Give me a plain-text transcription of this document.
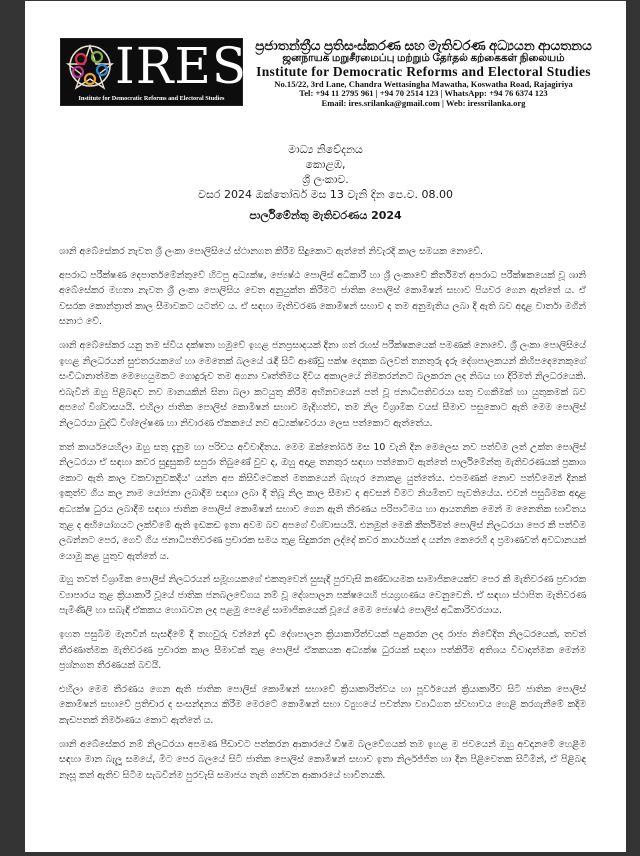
IRES
Institute for Democratic Reforms and Electoral Studies
ප්‍රජාතන්ත්‍රීය ප්‍රතිසංස්කරණ සහ මැතිවරණ අධ්‍යයන ආයතනය
ஜனநாயக மறுசீரமைப்பு மற்றும் தேர்தல் கற்கைகள் நிலையம்
Institute for Democratic Reforms and Electoral Studies
No.15/22, 3rd Lane, Chandra Wettasingha Mawatha, Koswatha Road, Rajagiriya
Tel: +94 11 2795 961 | +94 70 2514 123 | WhatsApp: +94 76 6374 123
Email: ires.srilanka@gmail.com | Web: iressrilanka.org
මාධ්‍ය නිවේදනය
කොළඹ,
ශ්‍රී ලංකාව.
වසර 2024 ඔක්තෝබර් මස 13 වැනි දින පෙ.ව. 08.00
පාර්ලිමේන්තු මැතිවරණය 2024

ශානි අබේසේකර නැවත ශ්‍රී ලංකා පොලිසියේ ස්ථානගත කිරීම සිදුකොට ඇත්තේ නිවැරදි කාල සමයක නොවේ.

අපරාධ පරීක්ෂණ දෙපාර්තමේන්තුවේ හිටපු අධ්‍යක්ෂ, ජ්‍යෙෂ්ඨ පොලිස් අධිකාරී හා ශ්‍රී ලංකාවේ කීර්තිමත් අපරාධ පරීක්ෂකයෙක් වූ ශානි අබේසේකර මහතා නැවත ශ්‍රී ලංකා පොලිසිය වෙත අනුයුක්ත කිරීමට ජාතික පොලිස් කොමිෂන් සභාව පියවර ගෙන ඇත්තේ ය. ඒ වසරක කොන්ත්‍රාත් කාල සීමාවකට යටත්ව ය. ඒ සඳහා මැතිවරණ කොමිෂන් සභාව ද තම අනුමැතිය ලබා දී ඇති බව අදාළ වාර්තා මගින් සනාථ වේ.

ශානි අබේසේකර යනු තම ස්වීය දක්ෂතා හමුවේ ඉහළ ජනප්‍රසාදයක් දිනා ගත් රහස් පරීක්ෂකයෙක් පමණක් නොවේ. ශ්‍රී ලංකා පොලිසියේ ඉහළ නිලධරයන් සුළුතරයකගේ හා මෙතෙක් බලයේ රැඳී සිටි ආණ්ඩු පක්ෂ දෙකක බලවත් තනතුරු දැරූ දේශපාලකයන් කිහිපදෙනෙකුගේ සංවිධානාත්මක මෙහෙයුමකට ගොදුරුව තම අගනා වෘත්තීමය දිවිය අකාලයේ නිමකරන්නට බලකරන ලද නිබය හා දිරිමත් නිලධරයෙකි. එබැවින් ඔහු පිළිබඳව නව මානයකින් සිතා බලා කටයුතු කිරීම අභිනවයෙන් පත් වූ ජනාධිපතිවරයා සතු වගකීමක් හා යුතුකමක් බව අපගේ විශ්වාසයයි. එහිලා ජාතික පොලිස් කොමිෂන් සභාව මැදිහත්ව, තම නිල විශ්‍රාමික වයස් සීමාව පසුකොට ඇති මෙම පොලිස් නිලධරයා බුද්ධි විශ්ලේෂණ හා නිවාරණ ඒකකයේ නව අධ්‍යක්ෂවරයා ලෙස පත්කොට ඇත්තේය.

තත් කාර්යයෙහිලා ඔහු සතු දැනුම හා පරිචය අවිවාදිතය. මෙම ඔක්තෝබර් මස 10 වැනි දින මෙලෙස නව පත්වීම ලත් උක්ත පොලිස් නිලධරයා ඒ සඳහා කවර සුදුසුකම් සපුරා තිබුණේ වුව ද, ඔහු අදාළ තනතුර සඳහා පත්කොට ඇත්තේ පාර්ලිමේන්තු මැතිවරණයක් ප්‍රකාශ කොට ඇති කාල වකවානුවකදීය' යන්න අප කිසිවිටෙකත් මතකයෙන් බැහැර නොකළ යුත්තේය. එපමණක් නොව පත්වීමෙන් දිනක් ඉකුත්ව ගිය කල නාම යෝජනා ලබාදීම සඳහා ලබා දී තිබූ නිල කාල සීමාව ද අවසන් වීමට නියමිතව පැවතියේය. එවන් පසුබිමක අදාළ අධ්‍යක්ෂ ධුරය ලබාදීම සඳහා ජාතික පොලිස් කොමිෂන් සභාව ගෙන ඇති තීරණය පරිපාටිමය හා ආයතනික මෙන් ම නෛතික භාවිතය තුළ ද අභියෝගයට ලක්වීමේ ඇති ඉඩකඩ ඉතා අවම බව අපගේ විශ්වාසයයි. එනමුත් මෙකී කීර්තිමත් පොලිස් නිලධරයා පෙර කී පත්වීම ලබන්නට පෙර, ගෙවී ගිය ජනාධිපතිවරණ ප්‍රචාරක සමය තුළ සිදුකරන ලද්දේ කවර කාර්යයක් ද යන්න කෙරෙහි ද ප්‍රමාණවත් අවධානයක් යොමු කළ යුතුව ඇත්තේ ය.

ඔහු තවත් විශ්‍රාමික පොලිස් නිලධරයන් සමූහයකගේ එකතුවෙන් සුසැදි පුරවැසි කණ්ඩායමක සාමාජිකයෙක්ව පෙර කී මැතිවරණ ප්‍රචාරක ව්‍යාපාරය තුළ ක්‍රියාකාරී වූයේ ජාතික ජනබලවේගය නම් වූ දේශපාලන පක්ෂයෙහි ජයග්‍රහණය වෙනුවෙනි. ඒ සඳහා ස්ථාපිත මැතිවරණ පැමිණිලි හා සබැඳි ඒකකය හොබවන ලද පළමු පෙළේ සාමාජිකයෙක් වූයේ මෙම ජ්‍යෙෂ්ඨ පොලිස් අධිකාරිවරයාය.

ඉහත පසුබිම මැනවින් සැසඳීමේ දී තහවුරු වන්නේ දැඩි දේශපාලන ක්‍රියාකාරිත්වයක් පළකරන ලද රාජ්‍ය නිවේදිත නිලධරයෙක්, තවත් තීරණාත්මක මැතිවරණ ප්‍රචාරක කාල සීමාවක් තුළ පොලිස් ඒකකයක අධ්‍යක්ෂ ධුරයක් සඳහා පත්කිරීම අතිශය විවාදාත්මක මෙන්ම ප්‍රශ්නගත තීරණයක් බවයි.

එහිලා මෙම තීරණය ගෙන ඇති ජාතික පොලිස් කොමිෂන් සභාවේ ක්‍රියාකාරිත්වය හා පූර්වයෙන් ක්‍රියාකාරීව සිටි ජාතික පොලිස් කොමිෂන් සභාවේ ප්‍රතිචාර ද සංසන්දනය කිරීම මෙරටේ කොමිෂන් සභා ව්‍යුහයේ පවත්නා ව්‍යාධිගත ස්වභාවය හෙළි කරගැනීමේ කදිම කැඩපතක් නිර්මාණය කොට ඇත්තේ ය.

ශානි අබේසේකර නම් නිලධරයා අපමණ පීඩාවට පත්කරන ආකාරයේ විෂම බලවේගයක් තම ඉහළ ම ජවයෙන් ඔහු අවදානමේ හෙළීම සඳහා මාන බැලූ සමයේ, මීට පෙර බලයේ සිටි ජාතික පොලිස් කොමිෂන් සභාව ඉතා නිර්ලජ්ජිත හා දීන පිළිවෙතක සිටිමින්, ඒ පිළිබඳ නෑසූ කන් ඇතිව සිටීම සැබවින්ම පුරවැසි සමාජය තැති ගන්වන ආකාරයේ භාවිතයකි.
